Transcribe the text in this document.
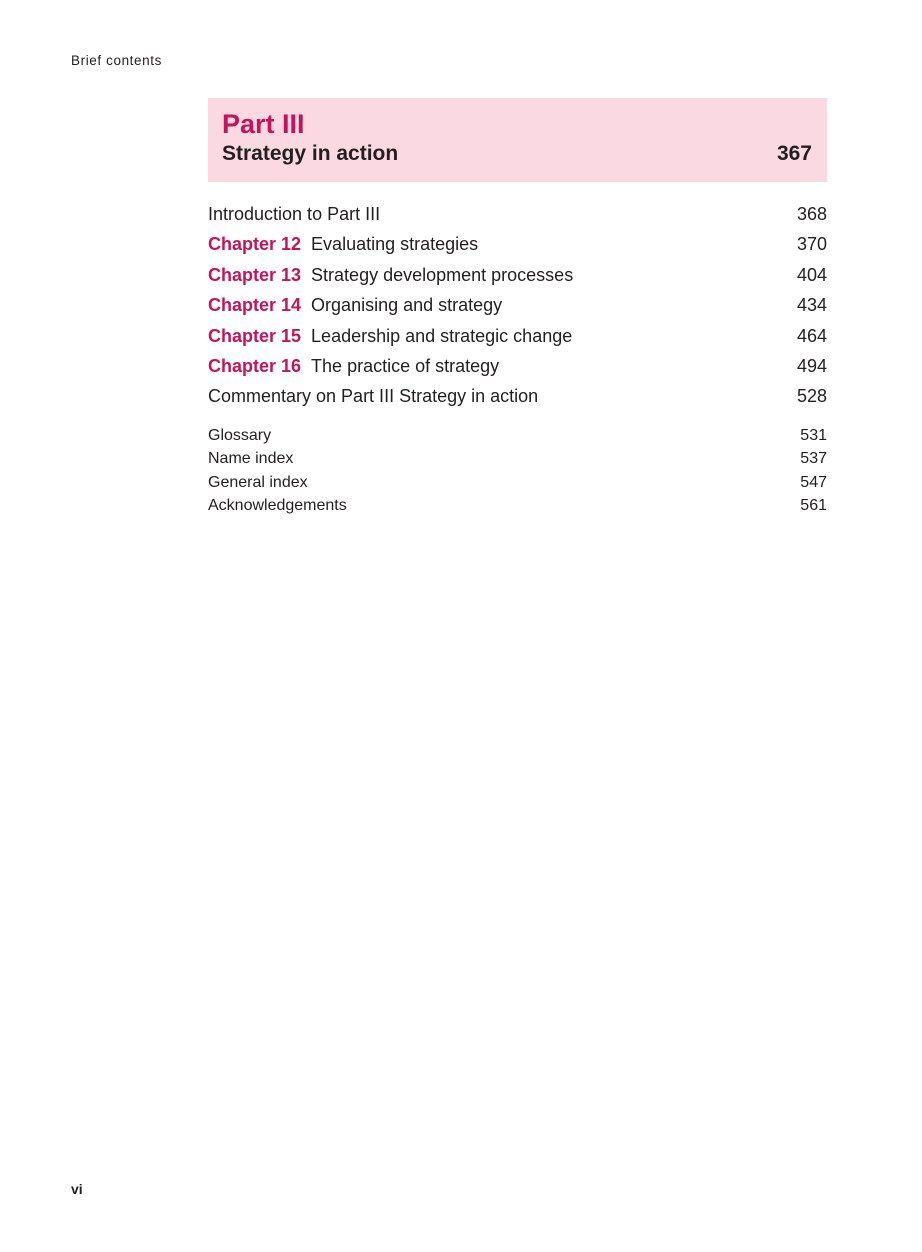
Brief contents
Part III
Strategy in action	367
Introduction to Part III	368
Chapter 12 Evaluating strategies	370
Chapter 13 Strategy development processes	404
Chapter 14 Organising and strategy	434
Chapter 15 Leadership and strategic change	464
Chapter 16 The practice of strategy	494
Commentary on Part III Strategy in action	528
Glossary	531
Name index	537
General index	547
Acknowledgements	561
vi
